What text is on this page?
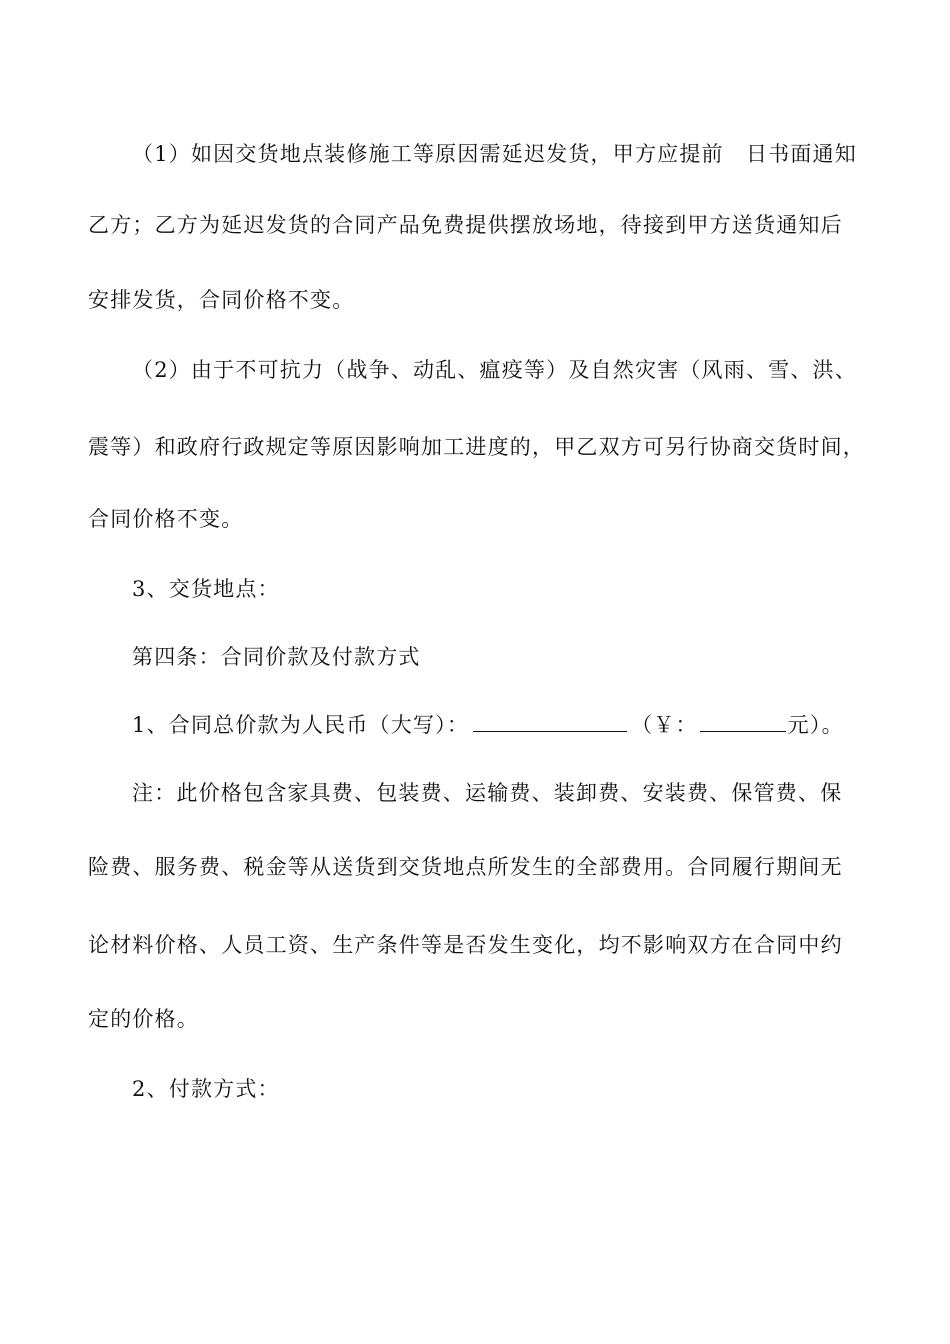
（1）如因交货地点装修施工等原因需延迟发货，甲方应提前　日书面通知
乙方；乙方为延迟发货的合同产品免费提供摆放场地，待接到甲方送货通知后
安排发货，合同价格不变。
（2）由于不可抗力（战争、动乱、瘟疫等）及自然灾害（风雨、雪、洪、
震等）和政府行政规定等原因影响加工进度的，甲乙双方可另行协商交货时间，
合同价格不变。
3、交货地点：
第四条：合同价款及付款方式
1、合同总价款为人民币（大写）：	（￥：	元）。
注：此价格包含家具费、包装费、运输费、装卸费、安装费、保管费、保
险费、服务费、税金等从送货到交货地点所发生的全部费用。合同履行期间无
论材料价格、人员工资、生产条件等是否发生变化，均不影响双方在合同中约
定的价格。
2、付款方式：
